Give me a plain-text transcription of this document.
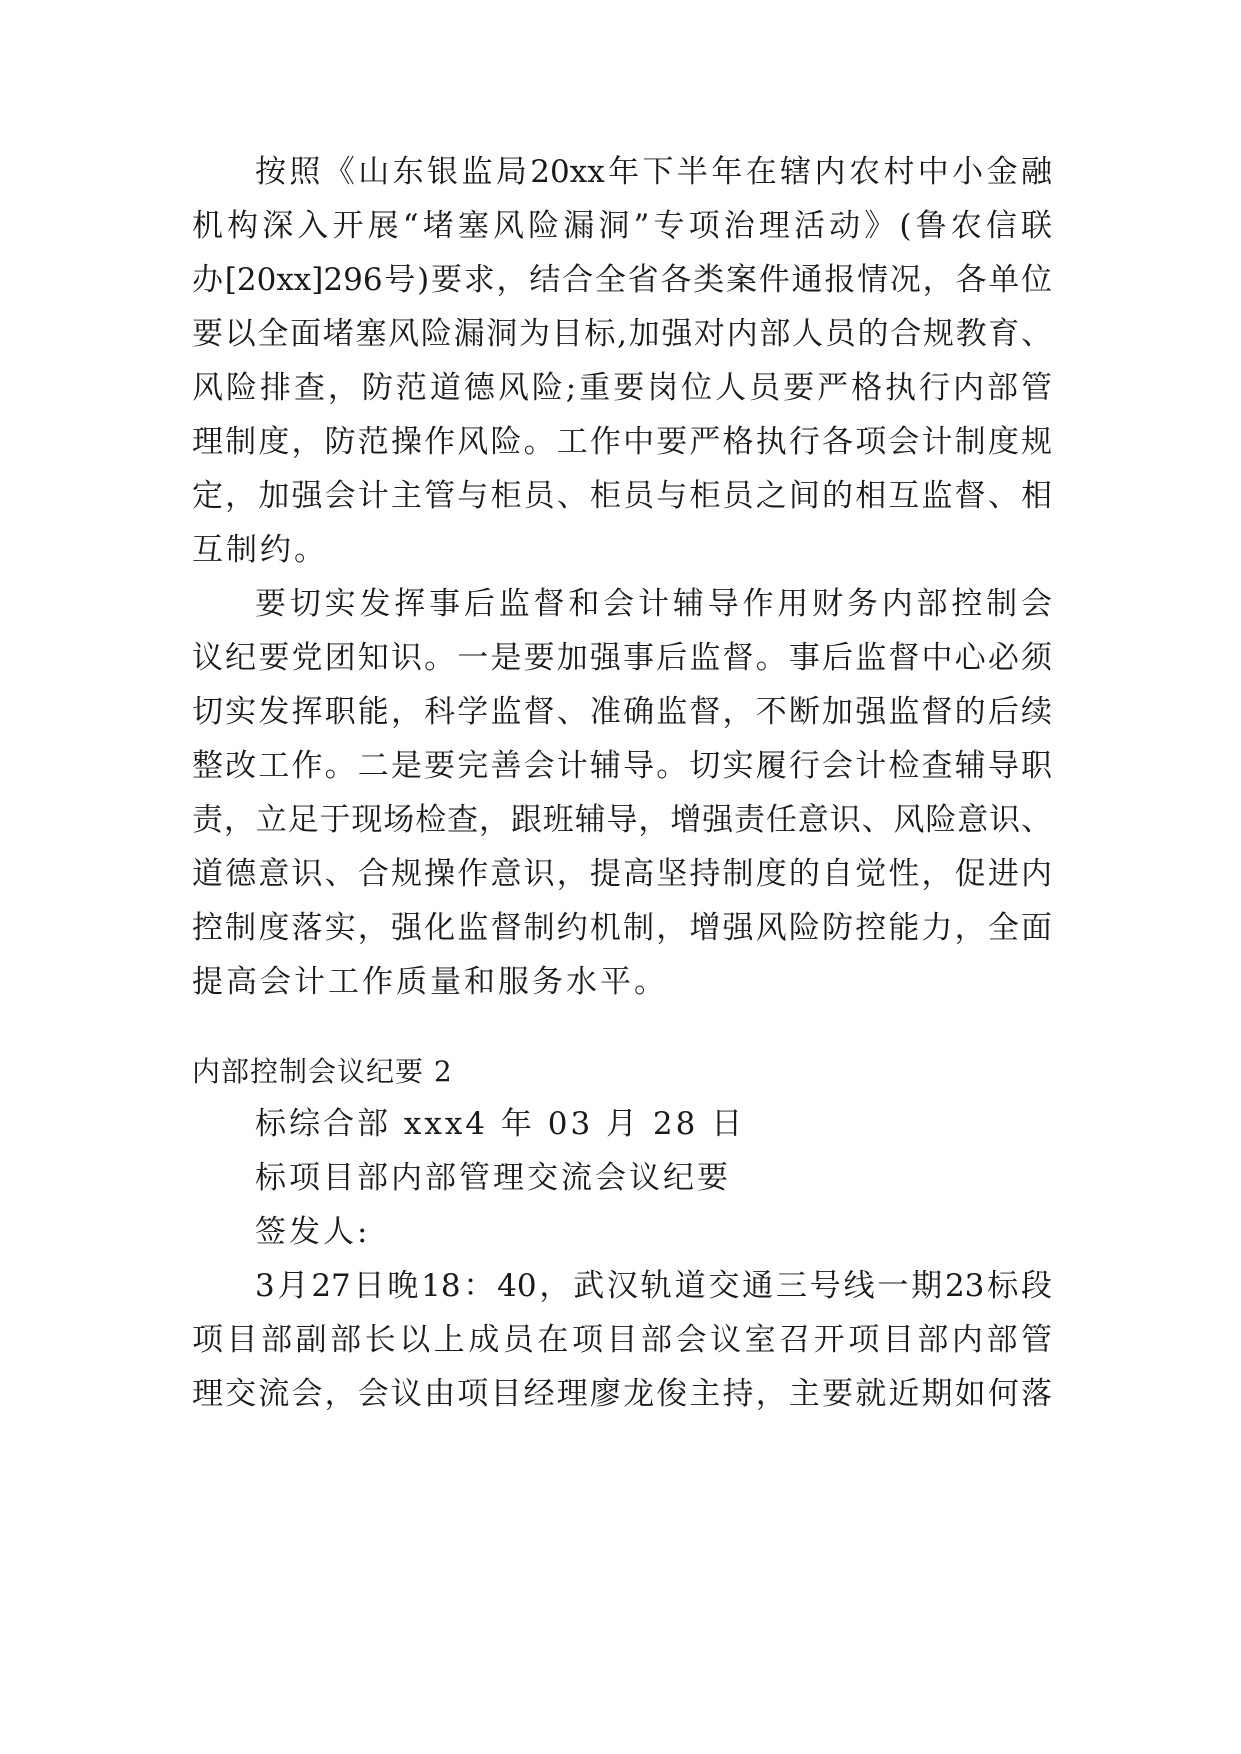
按照《山东银监局20xx年下半年在辖内农村中小金融
机构深入开展“堵塞风险漏洞”专项治理活动》(鲁农信联
办[20xx]296号)要求，结合全省各类案件通报情况，各单位
要以全面堵塞风险漏洞为目标,加强对内部人员的合规教育、
风险排查，防范道德风险;重要岗位人员要严格执行内部管
理制度，防范操作风险。工作中要严格执行各项会计制度规
定，加强会计主管与柜员、柜员与柜员之间的相互监督、相
互制约。
要切实发挥事后监督和会计辅导作用财务内部控制会
议纪要党团知识。一是要加强事后监督。事后监督中心必须
切实发挥职能，科学监督、准确监督，不断加强监督的后续
整改工作。二是要完善会计辅导。切实履行会计检查辅导职
责，立足于现场检查，跟班辅导，增强责任意识、风险意识、
道德意识、合规操作意识，提高坚持制度的自觉性，促进内
控制度落实，强化监督制约机制，增强风险防控能力，全面
提高会计工作质量和服务水平。
内部控制会议纪要 2
标综合部 xxx4 年 03 月 28 日
标项目部内部管理交流会议纪要
签发人:
3月27日晚18：40，武汉轨道交通三号线一期23标段
项目部副部长以上成员在项目部会议室召开项目部内部管
理交流会，会议由项目经理廖龙俊主持，主要就近期如何落
